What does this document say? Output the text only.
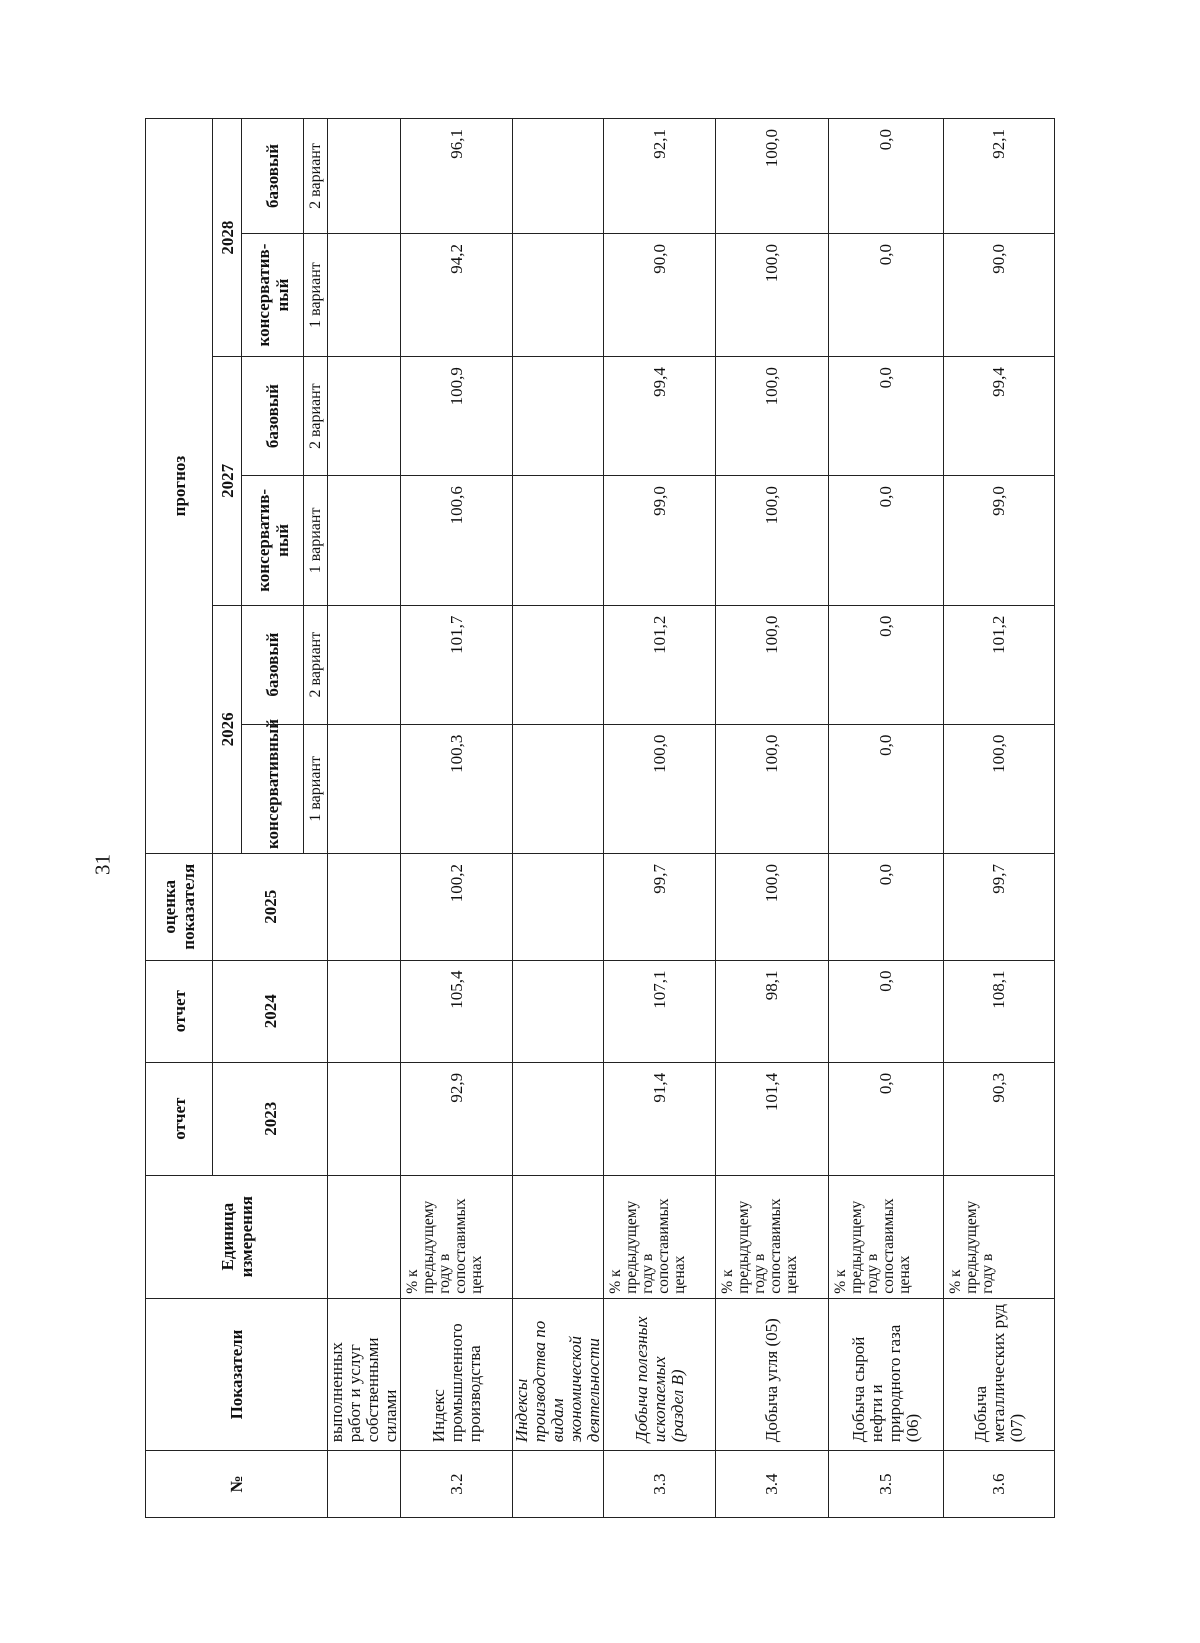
31
№	Показатели	Единица измерения	отчет	отчет	оценка показателя	прогноз					
			2023	2024	2025	2026		2027		2028	
						консервативный	базовый	консервативный	базовый	консервативный	базовый
						1 вариант	2 вариант	1 вариант	2 вариант	1 вариант	2 вариант
	выполненных работ и услуг собственными силами										
3.2	Индекс промышленного производства	% к предыдущему году в сопоставимых ценах	92,9	105,4	100,2	100,3	101,7	100,6	100,9	94,2	96,1
	Индексы производства по видам экономической деятельности										
3.3	Добыча полезных ископаемых (раздел B)	% к предыдущему году в сопоставимых ценах	91,4	107,1	99,7	100,0	101,2	99,0	99,4	90,0	92,1
3.4	Добыча угля (05)	% к предыдущему году в сопоставимых ценах	101,4	98,1	100,0	100,0	100,0	100,0	100,0	100,0	100,0
3.5	Добыча сырой нефти и природного газа (06)	% к предыдущему году в сопоставимых ценах	0,0	0,0	0,0	0,0	0,0	0,0	0,0	0,0	0,0
3.6	Добыча металлических руд (07)	% к предыдущему году в	90,3	108,1	99,7	100,0	101,2	99,0	99,4	90,0	92,1
